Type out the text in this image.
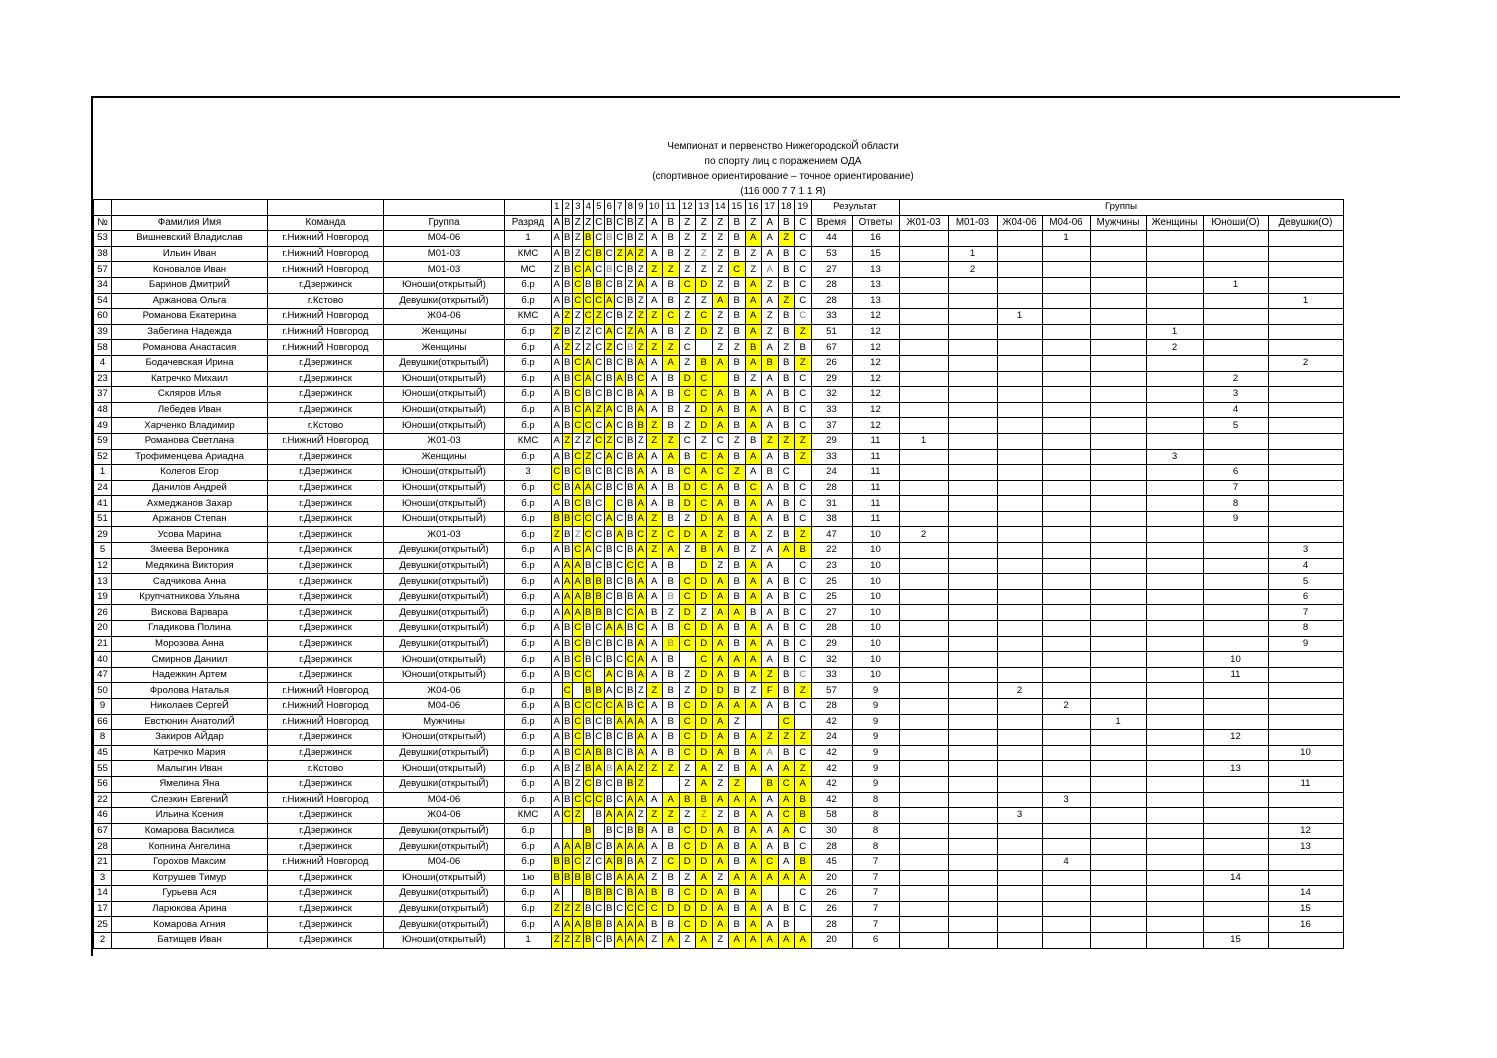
Чемпионат и первенство НижегородскоЙ области
по спорту лиц с поражением ОДА
(спортивное ориентирование – точное ориентирование)
(116 000 7 7 1 1 Я)
					1	2	3	4	5	6	7	8	9	10	11	12	13	14	15	16	17	18	19	Результат		Группы							
№	Фамилия Имя	Команда	Группа	Разряд	A	B	Z	Z	C	B	C	B	Z	A	B	Z	Z	Z	B	Z	A	B	C	Время	Ответы	Ж01-03	М01-03	Ж04-06	М04-06	Мужчины	Женщины	Юноши(О)	Девушки(О)
53	Вишневский Владислав	г.НижниЙ Новгород	М04-06	1	A	B	Z	B	C	B	C	B	Z	A	B	Z	Z	Z	B	A	A	Z	C	44	16				1				
38	Ильин Иван	г.НижниЙ Новгород	М01-03	КМС	A	B	Z	C	B	C	Z	A	Z	A	B	Z	Z	Z	B	Z	A	B	C	53	15		1						
57	Коновалов Иван	г.НижниЙ Новгород	М01-03	МС	Z	B	C	A	C	B	C	B	Z	Z	Z	Z	Z	Z	C	Z	A	B	C	27	13		2						
34	Баринов ДмитриЙ	г.Дзержинск	Юноши(открытыЙ)	б.р	A	B	C	B	B	C	B	Z	A	A	B	C	D	Z	B	A	Z	B	C	28	13							1	
54	Аржанова Ольга	г.Кстово	Девушки(открытыЙ)	б.р	A	B	C	C	C	A	C	B	Z	A	B	Z	Z	A	B	A	A	Z	C	28	13								1
60	Романова Екатерина	г.НижниЙ Новгород	Ж04-06	КМС	A	Z	Z	C	Z	C	B	Z	Z	Z	C	Z	C	Z	B	A	Z	B	C	33	12			1					
39	Забегина Надежда	г.НижниЙ Новгород	Женщины	б.р	Z	B	Z	Z	C	A	C	Z	A	A	B	Z	D	Z	B	A	Z	B	Z	51	12						1		
58	Романова Анастасия	г.НижниЙ Новгород	Женщины	б.р	A	Z	Z	Z	C	Z	C	B	Z	Z	Z	C		Z	Z	B	A	Z	B	67	12						2		
4	Бодачевская Ирина	г.Дзержинск	Девушки(открытыЙ)	б.р	A	B	C	A	C	B	C	B	A	A	A	Z	B	A	B	A	B	B	Z	26	12								2
23	Катречко Михаил	г.Дзержинск	Юноши(открытыЙ)	б.р	A	B	C	A	C	B	A	B	C	A	B	D	C		B	Z	A	B	C	29	12							2	
37	Скляров Илья	г.Дзержинск	Юноши(открытыЙ)	б.р	A	B	C	B	C	B	C	B	A	A	B	C	C	A	B	A	A	B	C	32	12							3	
48	Лебедев Иван	г.Дзержинск	Юноши(открытыЙ)	б.р	A	B	C	A	Z	A	C	B	A	A	B	Z	D	A	B	A	A	B	C	33	12							4	
49	Харченко Владимир	г.Кстово	Юноши(открытыЙ)	б.р	A	B	C	C	C	A	C	B	B	Z	B	Z	D	A	B	A	A	B	C	37	12							5	
59	Романова Светлана	г.НижниЙ Новгород	Ж01-03	КМС	A	Z	Z	Z	C	Z	C	B	Z	Z	Z	C	Z	C	Z	B	Z	Z	Z	29	11	1							
52	Трофименцева Ариадна	г.Дзержинск	Женщины	б.р	A	B	C	Z	C	A	C	B	A	A	A	B	C	A	B	A	A	B	Z	33	11						3		
1	Колегов Егор	г.Дзержинск	Юноши(открытыЙ)	3	C	B	C	B	C	B	C	B	A	A	B	C	A	C	Z	A	B	C		24	11							6	
24	Данилов Андрей	г.Дзержинск	Юноши(открытыЙ)	б.р	C	B	A	A	C	B	C	B	A	A	B	D	C	A	B	C	A	B	C	28	11							7	
41	Ахмеджанов Захар	г.Дзержинск	Юноши(открытыЙ)	б.р	A	B	C	B	C		C	B	A	A	B	D	C	A	B	A	A	B	C	31	11							8	
51	Аржанов Степан	г.Дзержинск	Юноши(открытыЙ)	б.р	B	B	C	C	C	A	C	B	A	Z	B	Z	D	A	B	A	A	B	C	38	11							9	
29	Усова Марина	г.Дзержинск	Ж01-03	б.р	Z	B	Z	C	C	B	A	B	C	Z	C	D	A	Z	B	A	Z	B	Z	47	10	2							
5	Змеева Вероника	г.Дзержинск	Девушки(открытыЙ)	б.р	A	B	C	A	C	B	C	B	A	Z	A	Z	B	A	B	Z	A	A	B	22	10								3
12	Медякина Виктория	г.Дзержинск	Девушки(открытыЙ)	б.р	A	A	A	B	C	B	C	C	C	A	B		D	Z	B	A	A		C	23	10								4
13	Садчикова Анна	г.Дзержинск	Девушки(открытыЙ)	б.р	A	A	A	B	B	B	C	B	A	A	B	C	D	A	B	A	A	B	C	25	10								5
19	Крупчатникова Ульяна	г.Дзержинск	Девушки(открытыЙ)	б.р	A	A	A	B	B	C	B	B	A	A	B	C	D	A	B	A	A	B	C	25	10								6
26	Вискова Варвара	г.Дзержинск	Девушки(открытыЙ)	б.р	A	A	A	B	B	B	C	C	A	B	Z	D	Z	A	A	B	A	B	C	27	10								7
20	Гладикова Полина	г.Дзержинск	Девушки(открытыЙ)	б.р	A	B	C	B	C	A	A	B	C	A	B	C	D	A	B	A	A	B	C	28	10								8
21	Морозова Анна	г.Дзержинск	Девушки(открытыЙ)	б.р	A	B	C	B	C	B	C	B	A	A	B	C	D	A	B	A	A	B	C	29	10								9
40	Смирнов Даниил	г.Дзержинск	Юноши(открытыЙ)	б.р	A	B	C	B	C	B	C	C	A	A	B		C	A	A	A	A	B	C	32	10							10	
47	Надежкин Артем	г.Дзержинск	Юноши(открытыЙ)	б.р	A	B	C	C		A	C	B	A	A	B	Z	D	A	B	A	Z	B	C	33	10							11	
50	Фролова Наталья	г.НижниЙ Новгород	Ж04-06	б.р		C		B	B	A	C	B	Z	Z	B	Z	D	D	B	Z	F	B	Z	57	9			2					
9	Николаев СергеЙ	г.НижниЙ Новгород	М04-06	б.р	A	B	C	C	C	C	A	B	C	A	B	C	D	A	A	A	A	B	C	28	9				2				
66	Евстюнин АнатолиЙ	г.НижниЙ Новгород	Мужчины	б.р	A	B	C	B	C	B	A	A	A	A	B	C	D	A	Z			C		42	9					1			
8	Закиров АЙдар	г.Дзержинск	Юноши(открытыЙ)	б.р	A	B	C	B	C	B	C	B	A	A	B	C	D	A	B	A	Z	Z	Z	24	9							12	
45	Катречко Мария	г.Дзержинск	Девушки(открытыЙ)	б.р	A	B	C	A	B	B	C	B	A	A	B	C	D	A	B	A	A	B	C	42	9								10
55	Малыгин Иван	г.Кстово	Юноши(открытыЙ)	б.р	A	B	Z	B	A	B	A	A	Z	Z	Z	Z	A	Z	B	A	A	A	Z	42	9							13	
56	Ямелина Яна	г.Дзержинск	Девушки(открытыЙ)	б.р	A	B	Z	C	B	C	B	B	Z			Z	A	Z	Z		B	C	A	42	9								11
22	Слезкин ЕвгениЙ	г.НижниЙ Новгород	М04-06	б.р	A	B	C	C	C	B	C	A	A	A	A	B	B	A	A	A	A	A	B	42	8				3				
46	Ильина Ксения	г.Дзержинск	Ж04-06	КМС	A	C	Z		B	A	A	A	Z	Z	Z	Z	Z	Z	B	A	A	C	B	58	8			3					
67	Комарова Василиса	г.Дзержинск	Девушки(открытыЙ)	б.р				B		B	C	B	B	A	B	C	D	A	B	A	A	A	C	30	8								12
28	Копнина Ангелина	г.Дзержинск	Девушки(открытыЙ)	б.р	A	A	A	B	C	B	A	A	A	A	B	C	D	A	B	A	A	B	C	28	8								13
21	Горохов Максим	г.НижниЙ Новгород	М04-06	б.р	B	B	C	Z	C	A	B	B	A	Z	C	D	D	A	B	A	C	A	B	45	7				4				
3	Котрушев Тимур	г.Дзержинск	Юноши(открытыЙ)	1ю	B	B	B	B	C	B	A	A	A	Z	B	Z	A	Z	A	A	A	A	A	20	7							14	
14	Гурьева Ася	г.Дзержинск	Девушки(открытыЙ)	б.р	A			B	B	B	C	B	A	B	B	C	D	A	B	A			C	26	7								14
17	Ларюкова Арина	г.Дзержинск	Девушки(открытыЙ)	б.р	Z	Z	Z	B	C	B	C	C	C	C	D	D	D	A	B	A	A	B	C	26	7								15
25	Комарова Агния	г.Дзержинск	Девушки(открытыЙ)	б.р	A	A	A	B	B	B	A	A	A	B	B	C	D	A	B	A	A	B		28	7								16
2	Батищев Иван	г.Дзержинск	Юноши(открытыЙ)	1	Z	Z	Z	B	C	B	A	A	A	Z	A	Z	A	Z	A	A	A	A	A	20	6							15	
